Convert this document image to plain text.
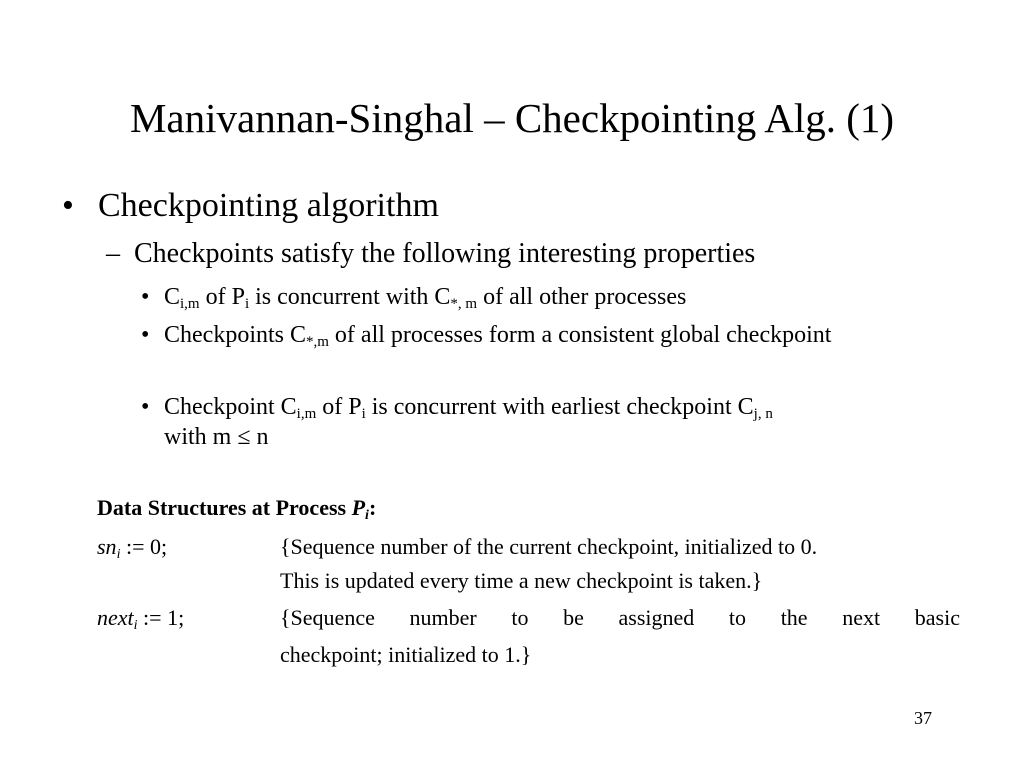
Manivannan-Singhal – Checkpointing Alg. (1)
• Checkpointing algorithm
– Checkpoints satisfy the following interesting properties
• $C_{i,m}$ of $P_i$ is concurrent with $C_{*, m}$ of all other processes
• Checkpoints $C_{*,m}$ of all processes form a consistent global checkpoint
• Checkpoint $C_{i,m}$ of $P_i$ is concurrent with earliest checkpoint $C_{j, n}$
with m ≤ n
Data Structures at Process $P_i$:
$sn_i$ := 0;	{Sequence number of the current checkpoint, initialized to 0.
This is updated every time a new checkpoint is taken.}
next$_i$ := 1;	{Sequence number to be assigned to the next basic
checkpoint; initialized to 1.}
37
